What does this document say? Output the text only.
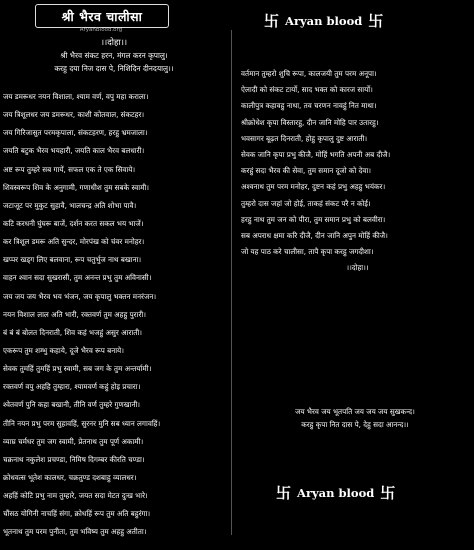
श्री भैरव चालीसा
AryanBlood.org
।।दोहा।।
श्री भैरव संकट हरन, मंगल करन कृपालु।
करहु दया निज दास पे, निशिदिन दीनदयालु।।
जय डमरूधर नयन विशाला, श्याम वर्ण, वपु महा कराला।
जय त्रिशूलधर जय डमरूधर, काशी कोतवाल, संकटहर।
जय गिरिजासुत परमकृपाला, संकटहरण, हरहु भ्रमजाला।
जयति बटुक भैरव भयहारी, जयति काल भैरव बलधारी।
अष्ट रूप तुम्हरे सब गायें, सफल एक ते एक सिवाये।
शिवस्वरूप शिव के अनुगामी, गणाधीश तुम सबके स्वामी।
जटाजूट पर मुकुट सुहावै, भालचन्द्र अति शोभा पावै।
कटि करधनी घुंघरू बाजें, दर्शन करत सकल भय भाजें।
कर त्रिशूल डमरू अति सुन्दर, मोरपंख को चंवर मनोहर।
खप्पर खड्ग लिए बलवाना, रूप चतुर्भुज नाथ बखाना।
वाहन श्वान सदा सुखरासी, तुम अनन्त प्रभु तुम अविनासी।
जय जय जय भैरव भय भंजन, जय कृपालु भक्तन मनरंजन।
नयन विशाल लाल अति भारी, रक्तवर्ण तुम अहहु पुरारी।
बं बं बं बोलत दिनराती, शिव कहं भजहुं असुर आराती।
एकरूप तुम शम्भु कहाये, दूजे भैरव रूप बनाये।
सेवक तुमहिं तुमहिं प्रभु स्वामी, सब जग के तुम अन्तर्यामी।
रक्तवर्ण वपु अहहि तुम्हारा, श्यामवर्ण कहुं होइ प्रचारा।
श्वेतवर्ण पुनि कहा बखानी, तीनि वर्ण तुम्हरे गुणखानी।
तीनि नयन प्रभु परम सुहावहिं, सुरनर मुनि सब ध्यान लगावहिं।
व्याघ्र चर्मधर तुम जग स्वामी, प्रेतनाथ तुम पूर्ण अकामी।
चक्रनाथ नकुलेश प्रचण्डा, निमिष दिगम्बर कीरति चण्डा।
क्रोधवत्स भूतेश कालधर, चक्रतुण्ड दशबाहु व्यालधर।
अहहिं कोटि प्रभु नाम तुम्हारे, जयत सदा मेटत दुःख भारे।
चौंसठ योगिनी नाचहिं संगा, क्रोधहिं रूप तुम अति बहुरंगा।
भूतनाथ तुम परम पुनीता, तुम भविष्य तुम अहहु अतीता।
卐 Aryan blood 卐
वर्तमान तुम्हरो शुचि रूपा, कालजयी तुम परम अनूपा।
ऐलादी को संकट टार्यो, साद भक्त को कारज सार्यो।
कालीपुत्र कहावहु नाथा, तव चरणन नावहुं नित माथा।
श्रीक्रोधेश कृपा विस्तारहु, दीन जानि मोहि पार उतारहु।
भवसागर बूढ़त दिनराती, होहु कृपालु दुष्ट आराती।
सेवक जानि कृपा प्रभु कीजै, मोहिं भगति अपनी अब दीजै।
करहुं सदा भैरव की सेवा, तुम समान दूजो को देवा।
अश्वनाथ तुम परम मनोहर, दुष्टन कहं प्रभु अहहु भयंकर।
तुम्हरो दास जहां जो होई, ताकहं संकट परै न कोई।
हरहु नाथ तुम जन को पीरा, तुम समान प्रभु को बलवीरा।
सब अपराध क्षमा करि दीजै, दीन जानि अपुन मोहिं कीजै।
जो यह पाठ करे चालीसा, तापै कृपा करहु जगदीशा।
।।दोहा।।
जय भैरव जय भूतपति जय जय जय सुखकन्द।
करहु कृपा नित दास पे, देहु सदा आनन्द।।
卐 Aryan blood 卐
